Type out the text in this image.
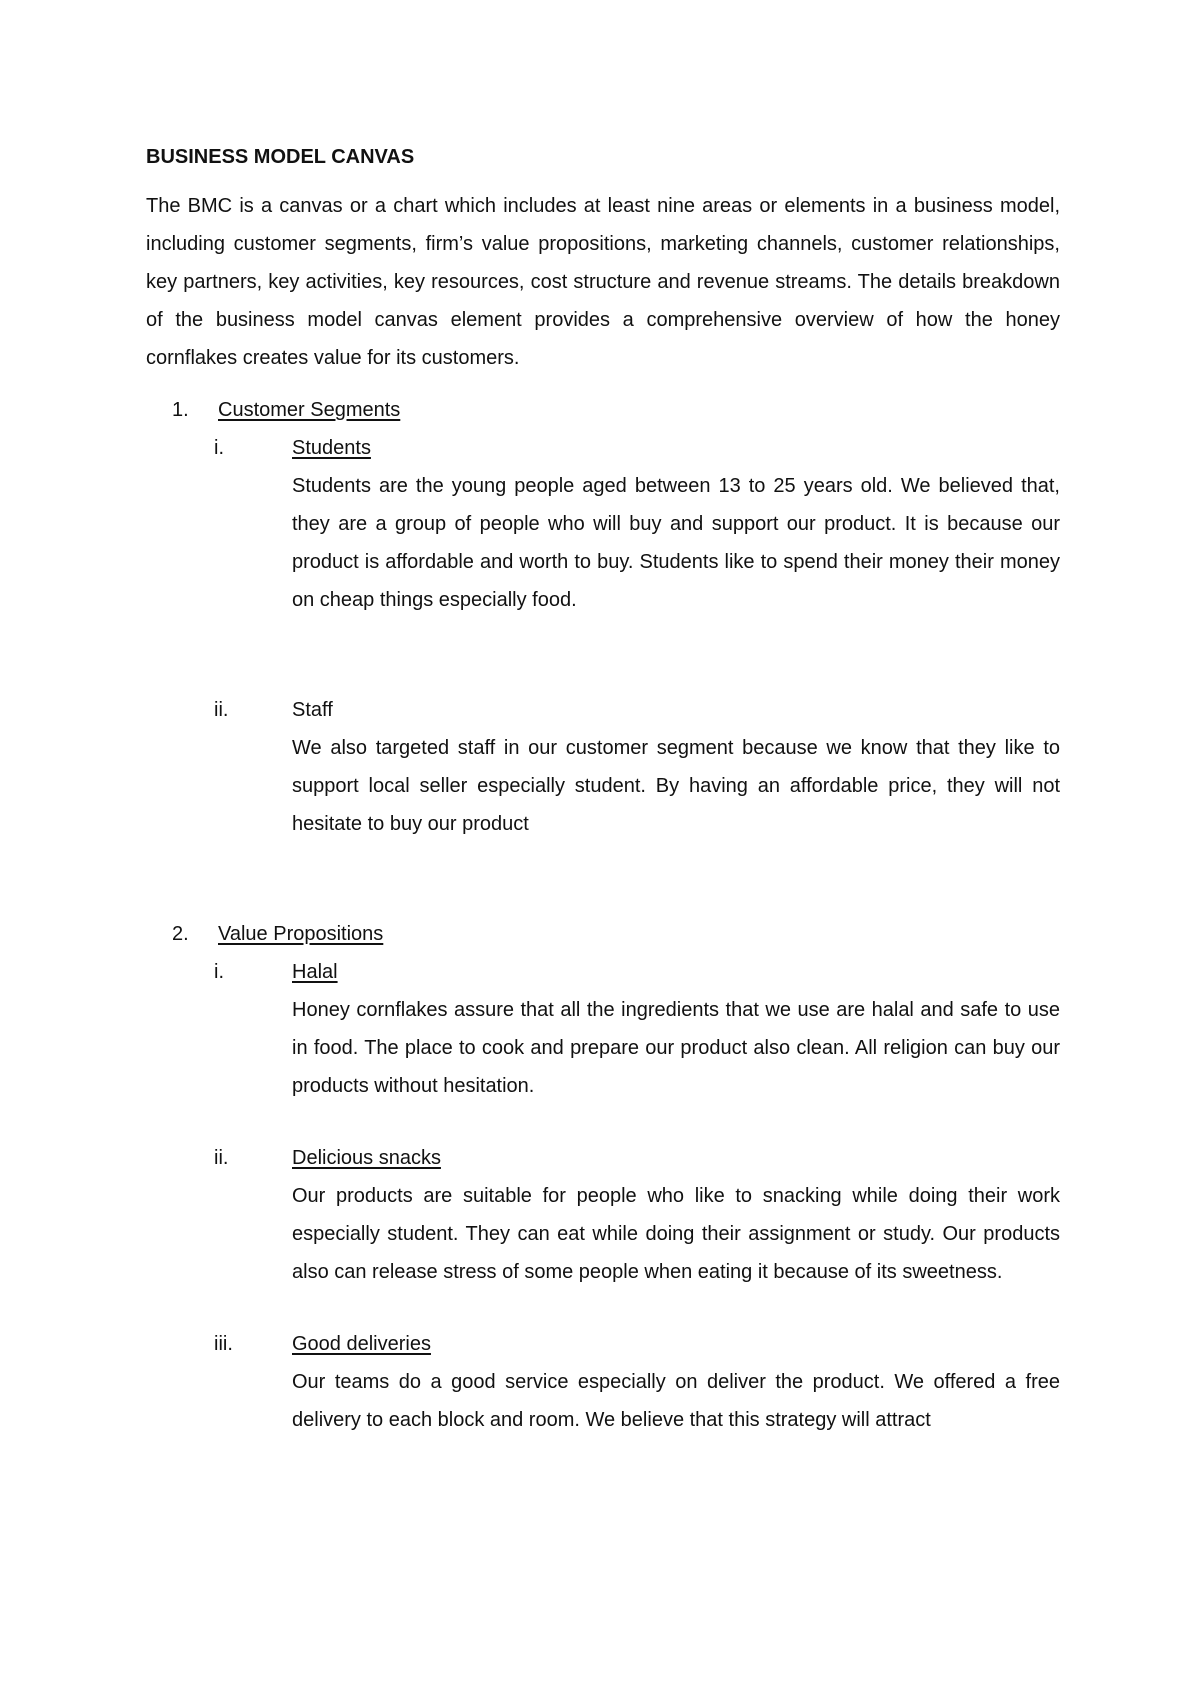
BUSINESS MODEL CANVAS
The BMC is a canvas or a chart which includes at least nine areas or elements in a business model, including customer segments, firm’s value propositions, marketing channels, customer relationships, key partners, key activities, key resources, cost structure and revenue streams. The details breakdown of the business model canvas element provides a comprehensive overview of how the honey cornflakes creates value for its customers.
1. Customer Segments
i.	Students
Students are the young people aged between 13 to 25 years old. We believed that, they are a group of people who will buy and support our product. It is because our product is affordable and worth to buy. Students like to spend their money their money on cheap things especially food.
ii.	Staff
We also targeted staff in our customer segment because we know that they like to support local seller especially student. By having an affordable price, they will not hesitate to buy our product
2. Value Propositions
i.	Halal
Honey cornflakes assure that all the ingredients that we use are halal and safe to use in food. The place to cook and prepare our product also clean. All religion can buy our products without hesitation.
ii.	Delicious snacks
Our products are suitable for people who like to snacking while doing their work especially student. They can eat while doing their assignment or study. Our products also can release stress of some people when eating it because of its sweetness.
iii.	Good deliveries
Our teams do a good service especially on deliver the product. We offered a free delivery to each block and room. We believe that this strategy will attract
